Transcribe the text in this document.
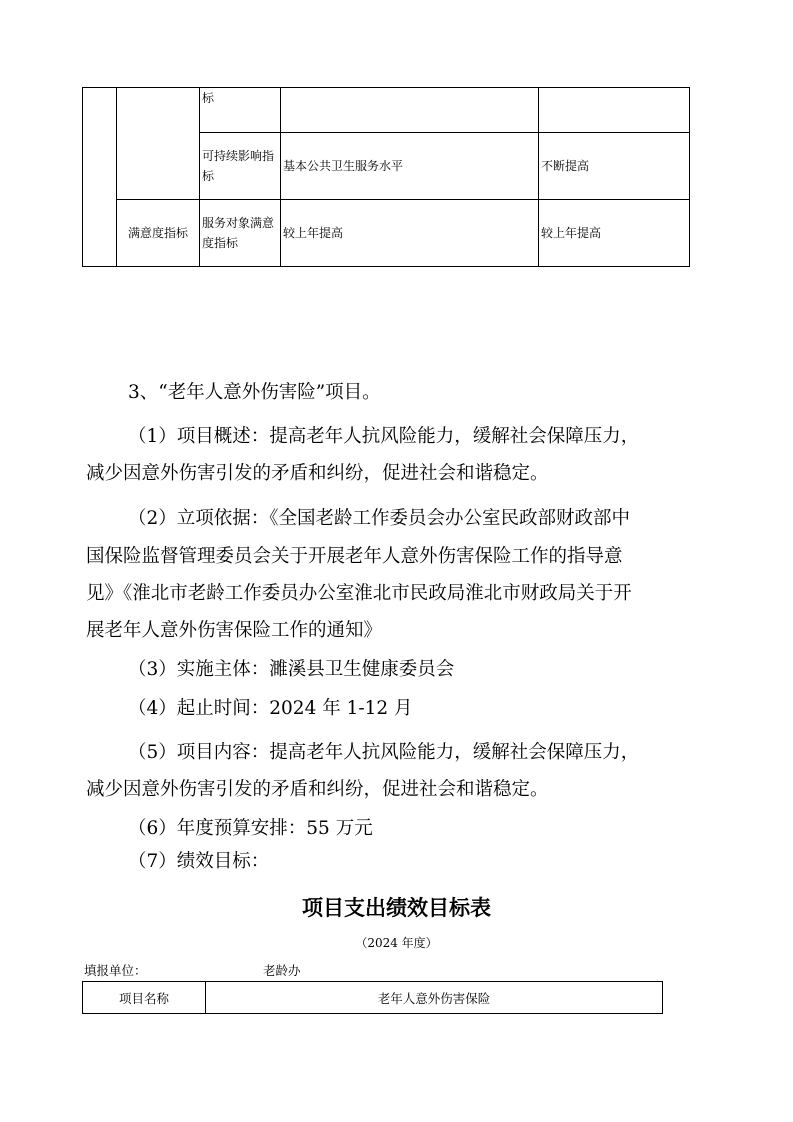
		标		
		可持续影响指标	基本公共卫生服务水平	不断提高
	满意度指标	服务对象满意度指标	较上年提高	较上年提高
3、“老年人意外伤害险”项目。
（1）项目概述：提高老年人抗风险能力，缓解社会保障压力，
减少因意外伤害引发的矛盾和纠纷，促进社会和谐稳定。
（2）立项依据：《全国老龄工作委员会办公室民政部财政部中
国保险监督管理委员会关于开展老年人意外伤害保险工作的指导意
见》《淮北市老龄工作委员办公室淮北市民政局淮北市财政局关于开
展老年人意外伤害保险工作的通知》
（3）实施主体：濉溪县卫生健康委员会
（4）起止时间：2024 年 1-12 月
（5）项目内容：提高老年人抗风险能力，缓解社会保障压力，
减少因意外伤害引发的矛盾和纠纷，促进社会和谐稳定。
（6）年度预算安排：55 万元
（7）绩效目标：
项目支出绩效目标表
（2024 年度）
填报单位：	老龄办
项目名称	老年人意外伤害保险
